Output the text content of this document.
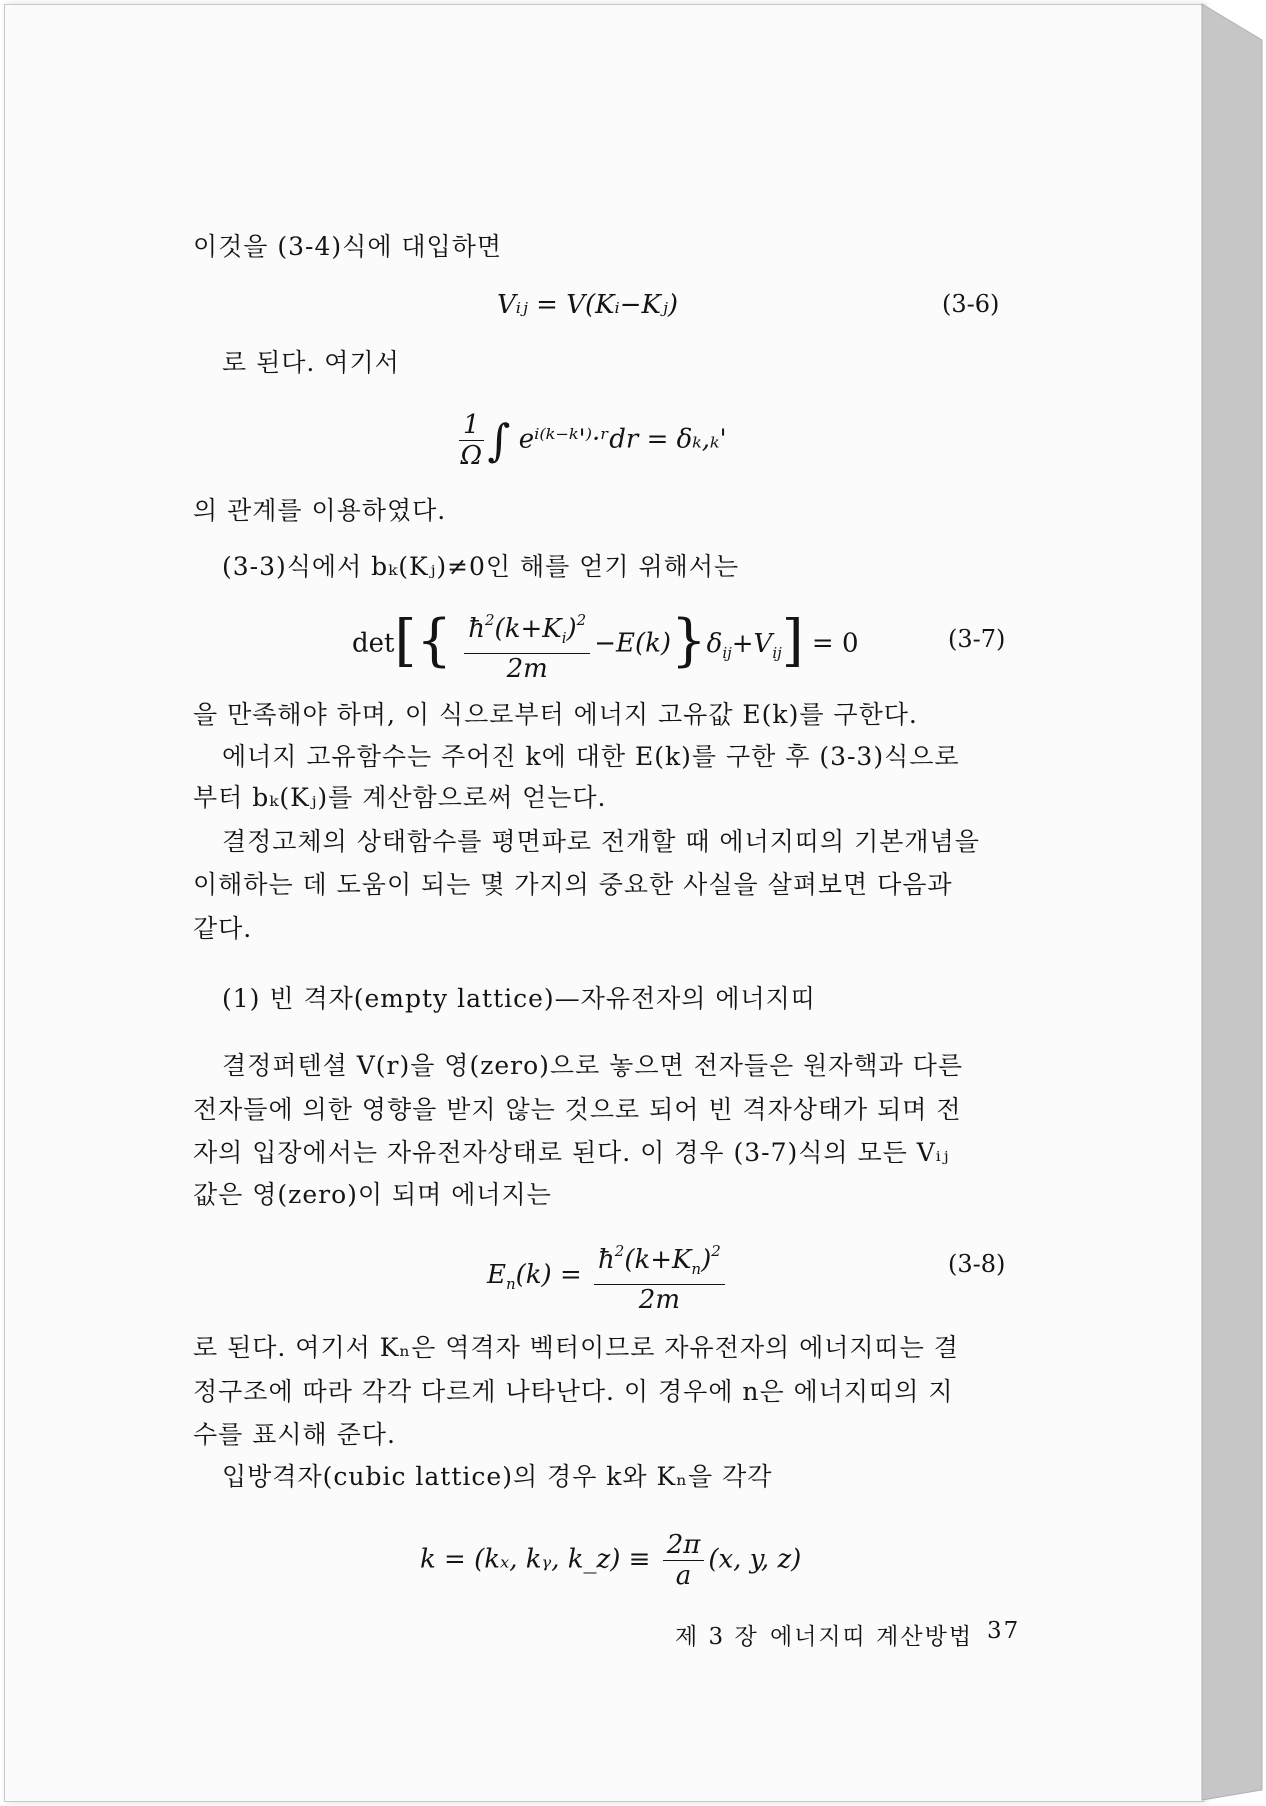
이것을 (3-4)식에 대입하면
Vᵢⱼ = V(Kᵢ−Kⱼ)	(3-6)
로 된다. 여기서
$\frac{1}{\Omega}$ ∫ eⁱ⁽ᵏ⁻ᵏ'⁾·ʳdr = δₖ,ₖ'
의 관계를 이용하였다.
(3-3)식에서 bₖ(Kⱼ)≠0인 해를 얻기 위해서는
$\det[\{ \frac{ħ^2(k+K_i)^2}{2m} -E(k)\}\delta_{ij}+V_{ij}] = 0$	(3-7)
을 만족해야 하며, 이 식으로부터 에너지 고유값 E(k)를 구한다.
에너지 고유함수는 주어진 k에 대한 E(k)를 구한 후 (3-3)식으로
부터 bₖ(Kⱼ)를 계산함으로써 얻는다.
결정고체의 상태함수를 평면파로 전개할 때 에너지띠의 기본개념을
이해하는 데 도움이 되는 몇 가지의 중요한 사실을 살펴보면 다음과
같다.
(1) 빈 격자(empty lattice)—자유전자의 에너지띠
결정퍼텐셜 V(r)을 영(zero)으로 놓으면 전자들은 원자핵과 다른
전자들에 의한 영향을 받지 않는 것으로 되어 빈 격자상태가 되며 전
자의 입장에서는 자유전자상태로 된다. 이 경우 (3-7)식의 모든 Vᵢⱼ
값은 영(zero)이 되며 에너지는
$E_n(k) = \frac{ħ^2(k+K_n)^2}{2m}$	(3-8)
로 된다. 여기서 Kₙ은 역격자 벡터이므로 자유전자의 에너지띠는 결
정구조에 따라 각각 다르게 나타난다. 이 경우에 n은 에너지띠의 지
수를 표시해 준다.
입방격자(cubic lattice)의 경우 k와 Kₙ을 각각
k = (kₓ, kᵧ, k_z) ≡ $\frac{2\pi}{a} (x$, y, z)
제 3 장 에너지띠 계산방법 37
